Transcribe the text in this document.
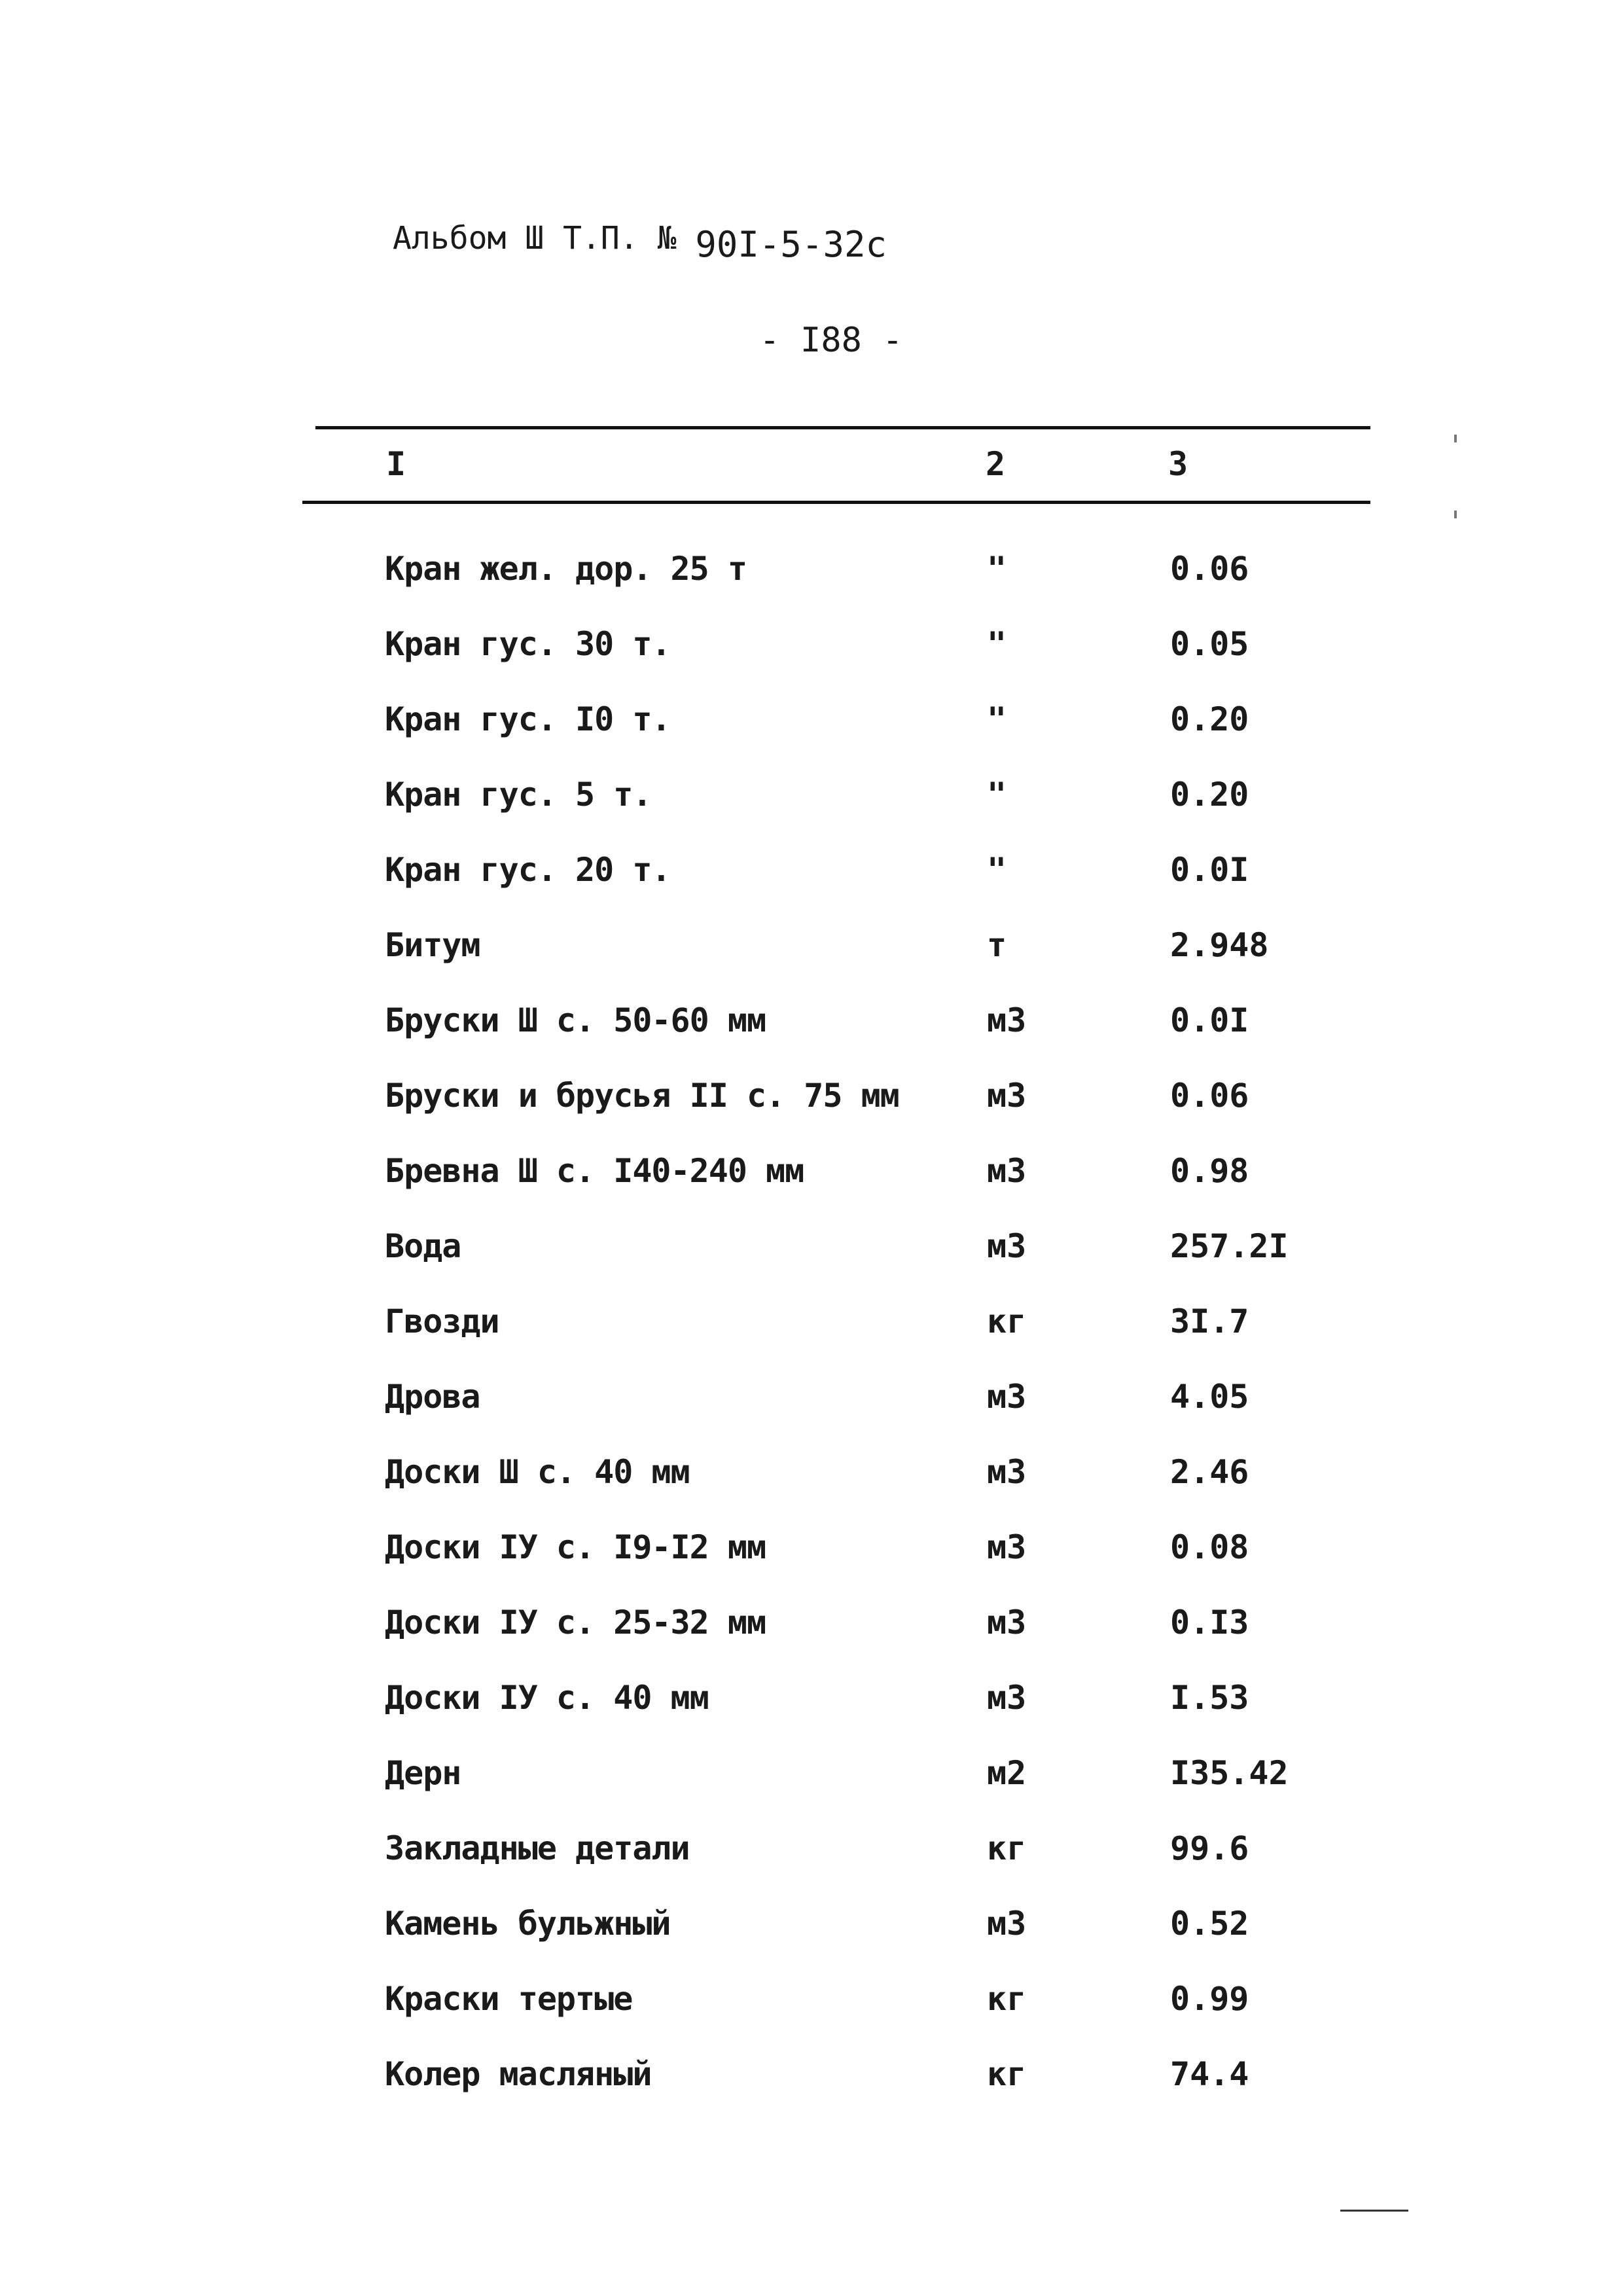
Альбом Ш Т.П. № 90I-5-32с
- I88 -
I	2	3
Кран жел. дор. 25 т	"	0.06
Кран гус. 30 т.	"	0.05
Кран гус. I0 т.	"	0.20
Кран гус. 5 т.	"	0.20
Кран гус. 20 т.	"	0.0I
Битум	т	2.948
Бруски Ш с. 50-60 мм	м3	0.0I
Бруски и брусья II с. 75 мм	м3	0.06
Бревна Ш с. I40-240 мм	м3	0.98
Вода	м3	257.2I
Гвозди	кг	3I.7
Дрова	м3	4.05
Доски Ш с. 40 мм	м3	2.46
Доски IУ с. I9-I2 мм	м3	0.08
Доски IУ с. 25-32 мм	м3	0.I3
Доски IУ с. 40 мм	м3	I.53
Дерн	м2	I35.42
Закладные детали	кг	99.6
Камень бульжный	м3	0.52
Краски тертые	кг	0.99
Колер масляный	кг	74.4
